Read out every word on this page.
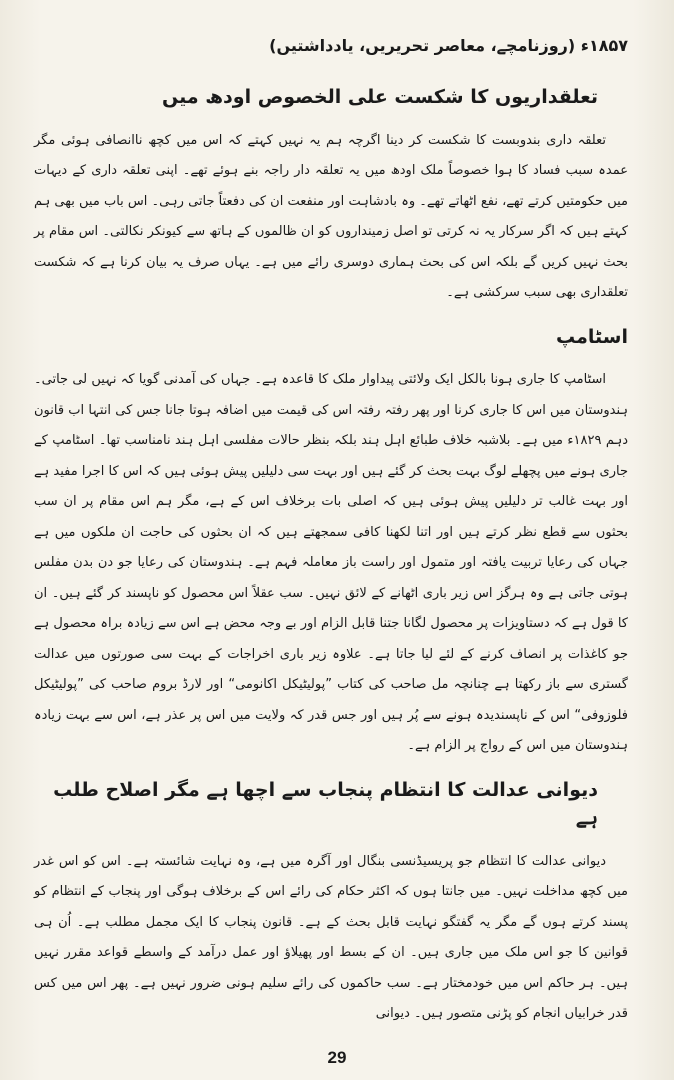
۱۸۵۷ء (روزنامچے، معاصر تحریریں، یادداشتیں)
تعلقداریوں کا شکست علی الخصوص اودھ میں

تعلقہ داری بندوبست کا شکست کر دینا اگرچہ ہم یہ نہیں کہتے کہ اس میں کچھ ناانصافی ہوئی مگر عمدہ سبب فساد کا ہوا خصوصاً ملک اودھ میں یہ تعلقہ دار راجہ بنے ہوئے تھے۔ اپنی تعلقہ داری کے دیہات میں حکومتیں کرتے تھے، نفع اٹھاتے تھے۔ وہ بادشاہت اور منفعت ان کی دفعتاً جاتی رہی۔ اس باب میں بھی ہم کہتے ہیں کہ اگر سرکار یہ نہ کرتی تو اصل زمینداروں کو ان ظالموں کے ہاتھ سے کیونکر نکالتی۔ اس مقام پر بحث نہیں کریں گے بلکہ اس کی بحث ہماری دوسری رائے میں ہے۔ یہاں صرف یہ بیان کرنا ہے کہ شکست تعلقداری بھی سبب سرکشی ہے۔

اسٹامپ

اسٹامپ کا جاری ہونا بالکل ایک ولائتی پیداوار ملک کا قاعدہ ہے۔ جہاں کی آمدنی گویا کہ نہیں لی جاتی۔ ہندوستان میں اس کا جاری کرنا اور پھر رفتہ رفتہ اس کی قیمت میں اضافہ ہوتا جانا جس کی انتہا اب قانون دہم ۱۸۲۹ء میں ہے۔ بلاشبہ خلاف طبائع اہل ہند بلکہ بنظر حالات مفلسی اہل ہند نامناسب تھا۔ اسٹامپ کے جاری ہونے میں پچھلے لوگ بہت بحث کر گئے ہیں اور بہت سی دلیلیں پیش ہوئی ہیں کہ اس کا اجرا مفید ہے اور بہت غالب تر دلیلیں پیش ہوئی ہیں کہ اصلی بات برخلاف اس کے ہے، مگر ہم اس مقام پر ان سب بحثوں سے قطع نظر کرتے ہیں اور اتنا لکھنا کافی سمجھتے ہیں کہ ان بحثوں کی حاجت ان ملکوں میں ہے جہاں کی رعایا تربیت یافتہ اور متمول اور راست باز معاملہ فہم ہے۔ ہندوستان کی رعایا جو دن بدن مفلس ہوتی جاتی ہے وہ ہرگز اس زیر باری اٹھانے کے لائق نہیں۔ سب عقلاً اس محصول کو ناپسند کر گئے ہیں۔ ان کا قول ہے کہ دستاویزات پر محصول لگانا جتنا قابل الزام اور بے وجہ محض ہے اس سے زیادہ براہ محصول ہے جو کاغذات پر انصاف کرنے کے لئے لیا جاتا ہے۔ علاوہ زیر باری اخراجات کے بہت سی صورتوں میں عدالت گستری سے باز رکھتا ہے چنانچہ مل صاحب کی کتاب ”پولیٹیکل اکانومی“ اور لارڈ بروم صاحب کی ”پولیٹیکل فلوزوفی“ اس کے ناپسندیدہ ہونے سے پُر ہیں اور جس قدر کہ ولایت میں اس پر عذر ہے، اس سے بہت زیادہ ہندوستان میں اس کے رواج پر الزام ہے۔

دیوانی عدالت کا انتظام پنجاب سے اچھا ہے مگر اصلاح طلب ہے

دیوانی عدالت کا انتظام جو پریسیڈنسی بنگال اور آگرہ میں ہے، وہ نہایت شائستہ ہے۔ اس کو اس غدر میں کچھ مداخلت نہیں۔ میں جانتا ہوں کہ اکثر حکام کی رائے اس کے برخلاف ہوگی اور پنجاب کے انتظام کو پسند کرتے ہوں گے مگر یہ گفتگو نہایت قابل بحث کے ہے۔ قانون پنجاب کا ایک مجمل مطلب ہے۔ اُن ہی قوانین کا جو اس ملک میں جاری ہیں۔ ان کے بسط اور پھیلاؤ اور عمل درآمد کے واسطے قواعد مقرر نہیں ہیں۔ ہر حاکم اس میں خودمختار ہے۔ سب حاکموں کی رائے سلیم ہونی ضرور نہیں ہے۔ پھر اس میں کس قدر خرابیاں انجام کو پڑنی متصور ہیں۔ دیوانی

29
